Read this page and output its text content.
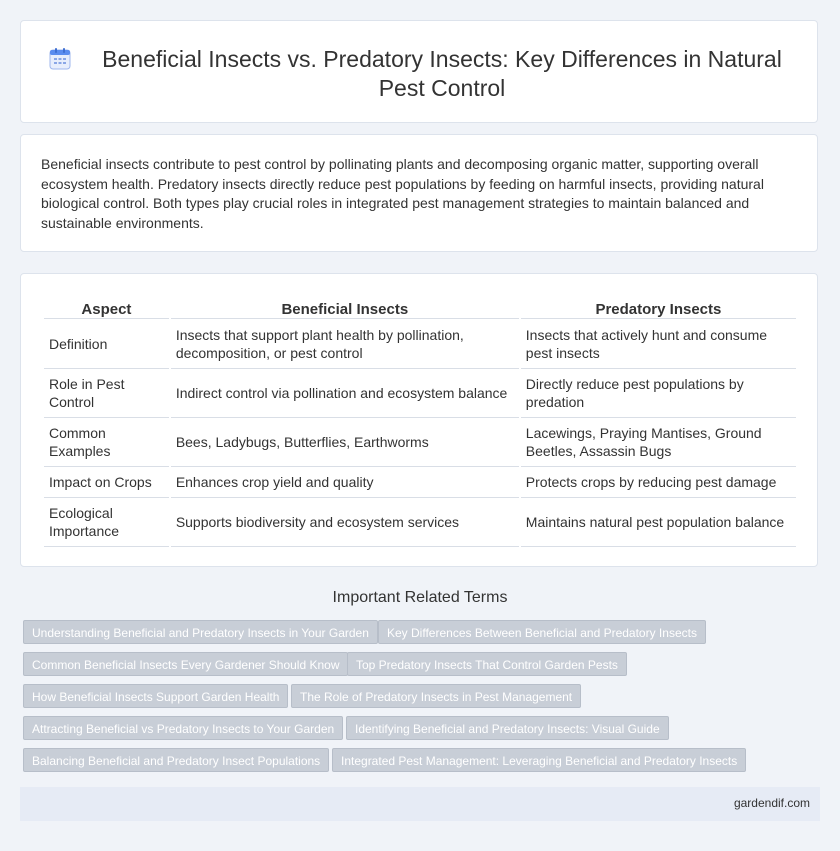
Beneficial Insects vs. Predatory Insects: Key Differences in Natural Pest Control

Beneficial insects contribute to pest control by pollinating plants and decomposing organic matter, supporting overall ecosystem health. Predatory insects directly reduce pest populations by feeding on harmful insects, providing natural biological control. Both types play crucial roles in integrated pest management strategies to maintain balanced and sustainable environments.

Aspect	Beneficial Insects	Predatory Insects
Definition	Insects that support plant health by pollination, decomposition, or pest control	Insects that actively hunt and consume pest insects
Role in Pest Control	Indirect control via pollination and ecosystem balance	Directly reduce pest populations by predation
Common Examples	Bees, Ladybugs, Butterflies, Earthworms	Lacewings, Praying Mantises, Ground Beetles, Assassin Bugs
Impact on Crops	Enhances crop yield and quality	Protects crops by reducing pest damage
Ecological Importance	Supports biodiversity and ecosystem services	Maintains natural pest population balance
Important Related Terms
Understanding Beneficial and Predatory Insects in Your Garden	Key Differences Between Beneficial and Predatory Insects
Common Beneficial Insects Every Gardener Should Know	Top Predatory Insects That Control Garden Pests
How Beneficial Insects Support Garden Health	The Role of Predatory Insects in Pest Management
Attracting Beneficial vs Predatory Insects to Your Garden	Identifying Beneficial and Predatory Insects: Visual Guide
Balancing Beneficial and Predatory Insect Populations	Integrated Pest Management: Leveraging Beneficial and Predatory Insects
gardendif.com
